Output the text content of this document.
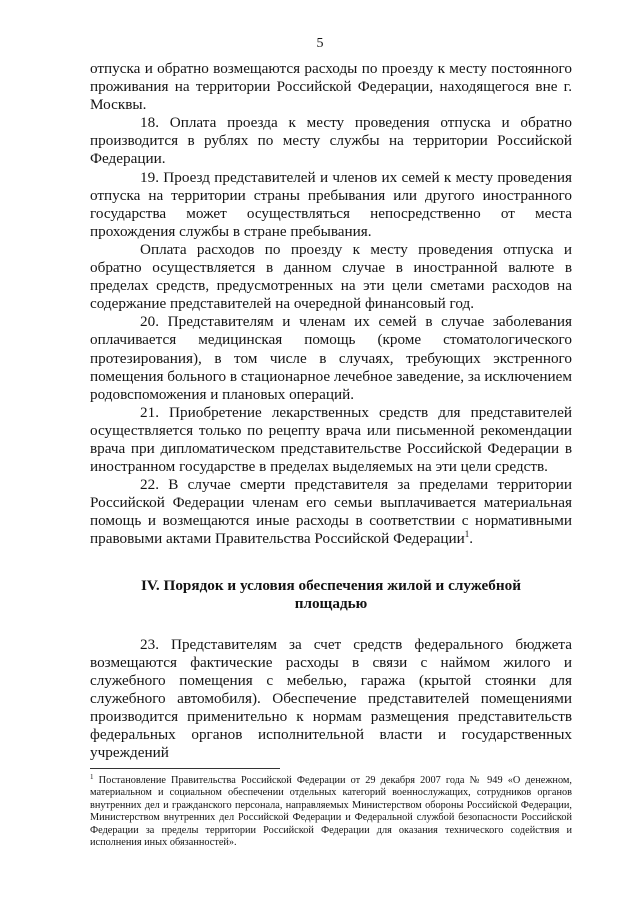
5

отпуска и обратно возмещаются расходы по проезду к месту постоянного проживания на территории Российской Федерации, находящегося вне г. Москвы.

18. Оплата проезда к месту проведения отпуска и обратно производится в рублях по месту службы на территории Российской Федерации.

19. Проезд представителей и членов их семей к месту проведения отпуска на территории страны пребывания или другого иностранного государства может осуществляться непосредственно от места прохождения службы в стране пребывания.

Оплата расходов по проезду к месту проведения отпуска и обратно осуществляется в данном случае в иностранной валюте в пределах средств, предусмотренных на эти цели сметами расходов на содержание представителей на очередной финансовый год.

20. Представителям и членам их семей в случае заболевания оплачивается медицинская помощь (кроме стоматологического протезирования), в том числе в случаях, требующих экстренного помещения больного в стационарное лечебное заведение, за исключением родовспоможения и плановых операций.

21. Приобретение лекарственных средств для представителей осуществляется только по рецепту врача или письменной рекомендации врача при дипломатическом представительстве Российской Федерации в иностранном государстве в пределах выделяемых на эти цели средств.

22. В случае смерти представителя за пределами территории Российской Федерации членам его семьи выплачивается материальная помощь и возмещаются иные расходы в соответствии с нормативными правовыми актами Правительства Российской Федерации$^1$.

IV. Порядок и условия обеспечения жилой и служебной
площадью

23. Представителям за счет средств федерального бюджета возмещаются фактические расходы в связи с наймом жилого и служебного помещения с мебелью, гаража (крытой стоянки для служебного автомобиля). Обеспечение представителей помещениями производится применительно к нормам размещения представительств федеральных органов исполнительной власти и государственных учреждений

$^1$ Постановление Правительства Российской Федерации от 29 декабря 2007 года № 949 «О денежном, материальном и социальном обеспечении отдельных категорий военнослужащих, сотрудников органов внутренних дел и гражданского персонала, направляемых Министерством обороны Российской Федерации, Министерством внутренних дел Российской Федерации и Федеральной службой безопасности Российской Федерации за пределы территории Российской Федерации для оказания технического содействия и исполнения иных обязанностей».
